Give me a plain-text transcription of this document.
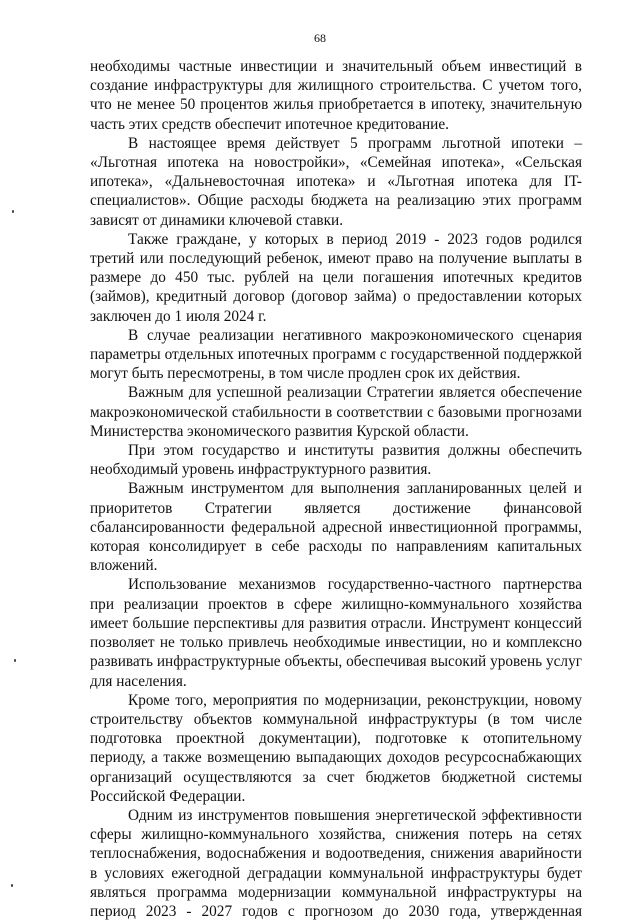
68

необходимы частные инвестиции и значительный объем инвестиций в создание инфраструктуры для жилищного строительства. С учетом того, что не менее 50 процентов жилья приобретается в ипотеку, значительную часть этих средств обеспечит ипотечное кредитование.

В настоящее время действует 5 программ льготной ипотеки – «Льготная ипотека на новостройки», «Семейная ипотека», «Сельская ипотека», «Дальневосточная ипотека» и «Льготная ипотека для IT-специалистов». Общие расходы бюджета на реализацию этих программ зависят от динамики ключевой ставки.

Также граждане, у которых в период 2019 - 2023 годов родился третий или последующий ребенок, имеют право на получение выплаты в размере до 450 тыс. рублей на цели погашения ипотечных кредитов (займов), кредитный договор (договор займа) о предоставлении которых заключен до 1 июля 2024 г.

В случае реализации негативного макроэкономического сценария параметры отдельных ипотечных программ с государственной поддержкой могут быть пересмотрены, в том числе продлен срок их действия.

Важным для успешной реализации Стратегии является обеспечение макроэкономической стабильности в соответствии с базовыми прогнозами Министерства экономического развития Курской области.

При этом государство и институты развития должны обеспечить необходимый уровень инфраструктурного развития.

Важным инструментом для выполнения запланированных целей и приоритетов Стратегии является достижение финансовой сбалансированности федеральной адресной инвестиционной программы, которая консолидирует в себе расходы по направлениям капитальных вложений.

Использование механизмов государственно-частного партнерства при реализации проектов в сфере жилищно-коммунального хозяйства имеет большие перспективы для развития отрасли. Инструмент концессий позволяет не только привлечь необходимые инвестиции, но и комплексно развивать инфраструктурные объекты, обеспечивая высокий уровень услуг для населения.

Кроме того, мероприятия по модернизации, реконструкции, новому строительству объектов коммунальной инфраструктуры (в том числе подготовка проектной документации), подготовке к отопительному периоду, а также возмещению выпадающих доходов ресурсоснабжающих организаций осуществляются за счет бюджетов бюджетной системы Российской Федерации.

Одним из инструментов повышения энергетической эффективности сферы жилищно-коммунального хозяйства, снижения потерь на сетях теплоснабжения, водоснабжения и водоотведения, снижения аварийности в условиях ежегодной деградации коммунальной инфраструктуры будет являться программа модернизации коммунальной инфраструктуры на период 2023 - 2027 годов с прогнозом до 2030 года, утвержденная
